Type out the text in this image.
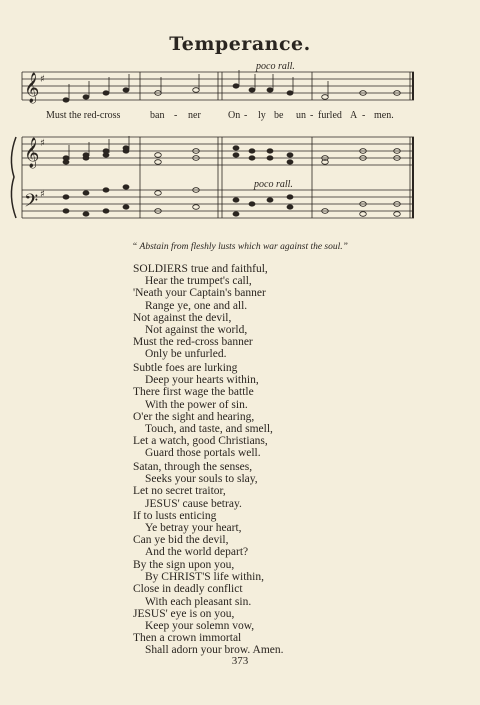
Temperance.
𝄞
𝄞
𝄢
♯
♯
♯
poco rall.
poco rall.
Must the red-cross	ban - ner	On - ly be un - furled A - men.
“ Abstain from fleshly lusts which war against the soul.”
SOLDIERS true and faithful,
Hear the trumpet's call,
'Neath your Captain's banner
Range ye, one and all.
Not against the devil,
Not against the world,
Must the red-cross banner
Only be unfurled.
Subtle foes are lurking
Deep your hearts within,
There first wage the battle
With the power of sin.
O'er the sight and hearing,
Touch, and taste, and smell,
Let a watch, good Christians,
Guard those portals well.
Satan, through the senses,
Seeks your souls to slay,
Let no secret traitor,
JESUS' cause betray.
If to lusts enticing
Ye betray your heart,
Can ye bid the devil,
And the world depart?
By the sign upon you,
By CHRIST'S life within,
Close in deadly conflict
With each pleasant sin.
JESUS' eye is on you,
Keep your solemn vow,
Then a crown immortal
Shall adorn your brow. Amen.
373
